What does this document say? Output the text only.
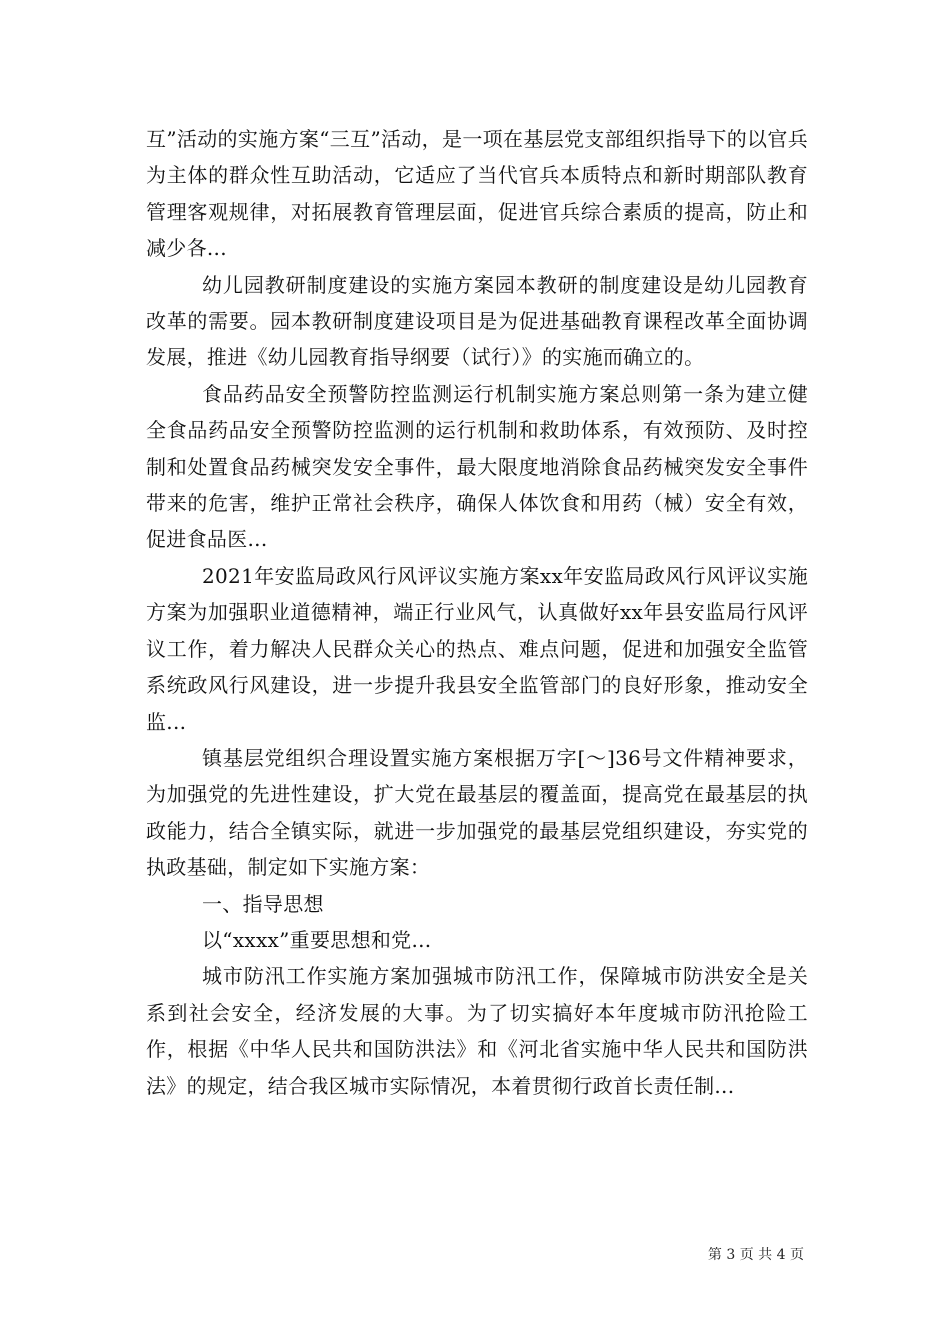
互”活动的实施方案“三互”活动，是一项在基层党支部组织指导下的以官兵为主体的群众性互助活动，它适应了当代官兵本质特点和新时期部队教育管理客观规律，对拓展教育管理层面，促进官兵综合素质的提高，防止和减少各...

幼儿园教研制度建设的实施方案园本教研的制度建设是幼儿园教育改革的需要。园本教研制度建设项目是为促进基础教育课程改革全面协调发展，推进《幼儿园教育指导纲要（试行）》的实施而确立的。

食品药品安全预警防控监测运行机制实施方案总则第一条为建立健全食品药品安全预警防控监测的运行机制和救助体系，有效预防、及时控制和处置食品药械突发安全事件，最大限度地消除食品药械突发安全事件带来的危害，维护正常社会秩序，确保人体饮食和用药（械）安全有效，促进食品医...

2021年安监局政风行风评议实施方案xx年安监局政风行风评议实施方案为加强职业道德精神，端正行业风气，认真做好xx年县安监局行风评议工作，着力解决人民群众关心的热点、难点问题，促进和加强安全监管系统政风行风建设，进一步提升我县安全监管部门的良好形象，推动安全监...

镇基层党组织合理设置实施方案根据万字[～]36号文件精神要求，为加强党的先进性建设，扩大党在最基层的覆盖面，提高党在最基层的执政能力，结合全镇实际，就进一步加强党的最基层党组织建设，夯实党的执政基础，制定如下实施方案：

一、指导思想

以“xxxx”重要思想和党...

城市防汛工作实施方案加强城市防汛工作，保障城市防洪安全是关系到社会安全，经济发展的大事。为了切实搞好本年度城市防汛抢险工作，根据《中华人民共和国防洪法》和《河北省实施中华人民共和国防洪法》的规定，结合我区城市实际情况，本着贯彻行政首长责任制...

第 3 页 共 4 页
